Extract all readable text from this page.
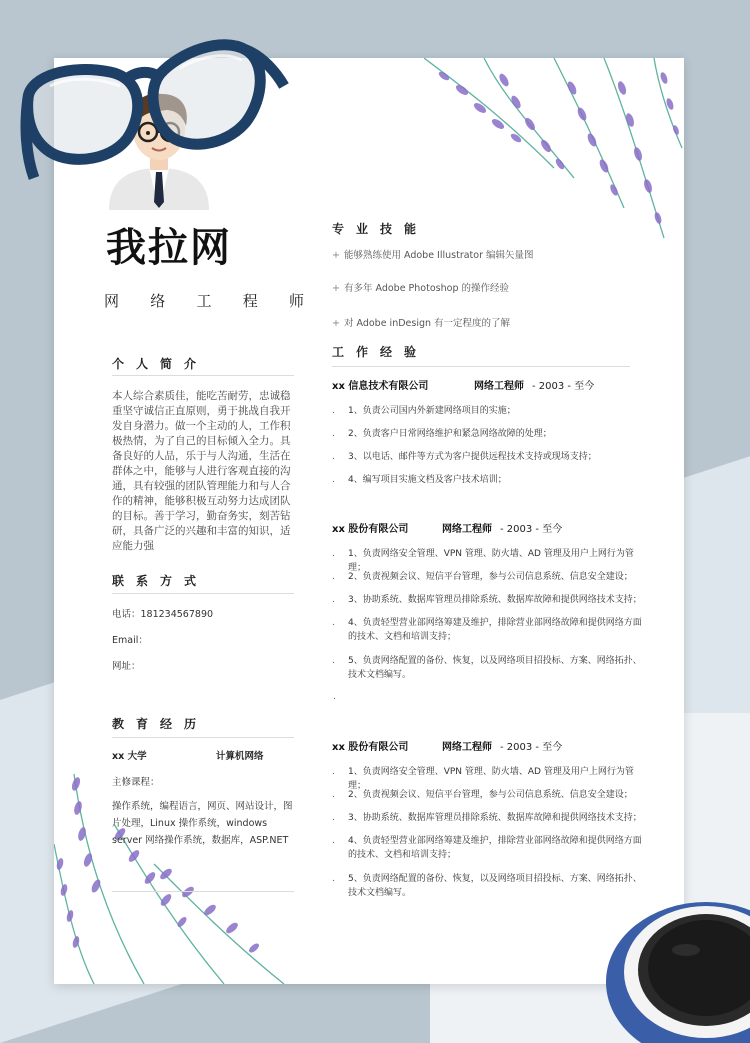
我拉网
网 络 工 程 师
个人简介
本人综合素质佳，能吃苦耐劳，忠诚稳重坚守诚信正直原则，勇于挑战自我开发自身潜力。做一个主动的人，工作积极热情，为了自己的目标倾入全力。具备良好的人品，乐于与人沟通，生活在群体之中，能够与人进行客观直接的沟通，具有较强的团队管理能力和与人合作的精神，能够积极互动努力达成团队的目标。善于学习，勤奋务实，刻苦钻研，具备广泛的兴趣和丰富的知识，适应能力强
联系方式
电话：18123456789​0
Email：
网址：
教育经历
xx 大学	计算机网络
主修课程：
操作系统，编程语言，网页、网站设计，图片处理，Linux 操作系统，windows server 网络操作系统，数据库，ASP.NET
专业技能
+ 能够熟练使用 Adobe Illustrator 编辑矢量图
+ 有多年 Adobe Photoshop 的操作经验
+ 对 Adobe inDesign 有一定程度的了解
工作经验
xx 信息技术有限公司	网络工程师 - 2003 - 至今
. 1、负责公司国内外新建网络项目的实施；
. 2、负责客户日常网络维护和紧急网络故障的处理；
. 3、以电话、邮件等方式为客户提供远程技术支持或现场支持；
. 4、编写项目实施文档及客户技术培训；
xx 股份有限公司	网络工程师 - 2003 - 至今
. 1、负责网络安全管理、VPN 管理、防火墙、AD 管理及用户上网行为管理；
. 2、负责视频会议、短信平台管理，参与公司信息系统、信息安全建设；
. 3、协助系统、数据库管理员排除系统、数据库故障和提供网络技术支持；
. 4、负责轻型营业部网络筹建及维护，排除营业部网络故障和提供网络方面的技术、文档和培训支持；
. 5、负责网络配置的备份、恢复，以及网络项目招投标、方案、网络拓扑、技术文档编写。
.
xx 股份有限公司	网络工程师 - 2003 - 至今
. 1、负责网络安全管理、VPN 管理、防火墙、AD 管理及用户上网行为管理；
. 2、负责视频会议、短信平台管理，参与公司信息系统、信息安全建设；
. 3、协助系统、数据库管理员排除系统、数据库故障和提供网络技术支持；
. 4、负责轻型营业部网络筹建及维护，排除营业部网络故障和提供网络方面的技术、文档和培训支持；
. 5、负责网络配置的备份、恢复，以及网络项目招投标、方案、网络拓扑、技术文档编写。
